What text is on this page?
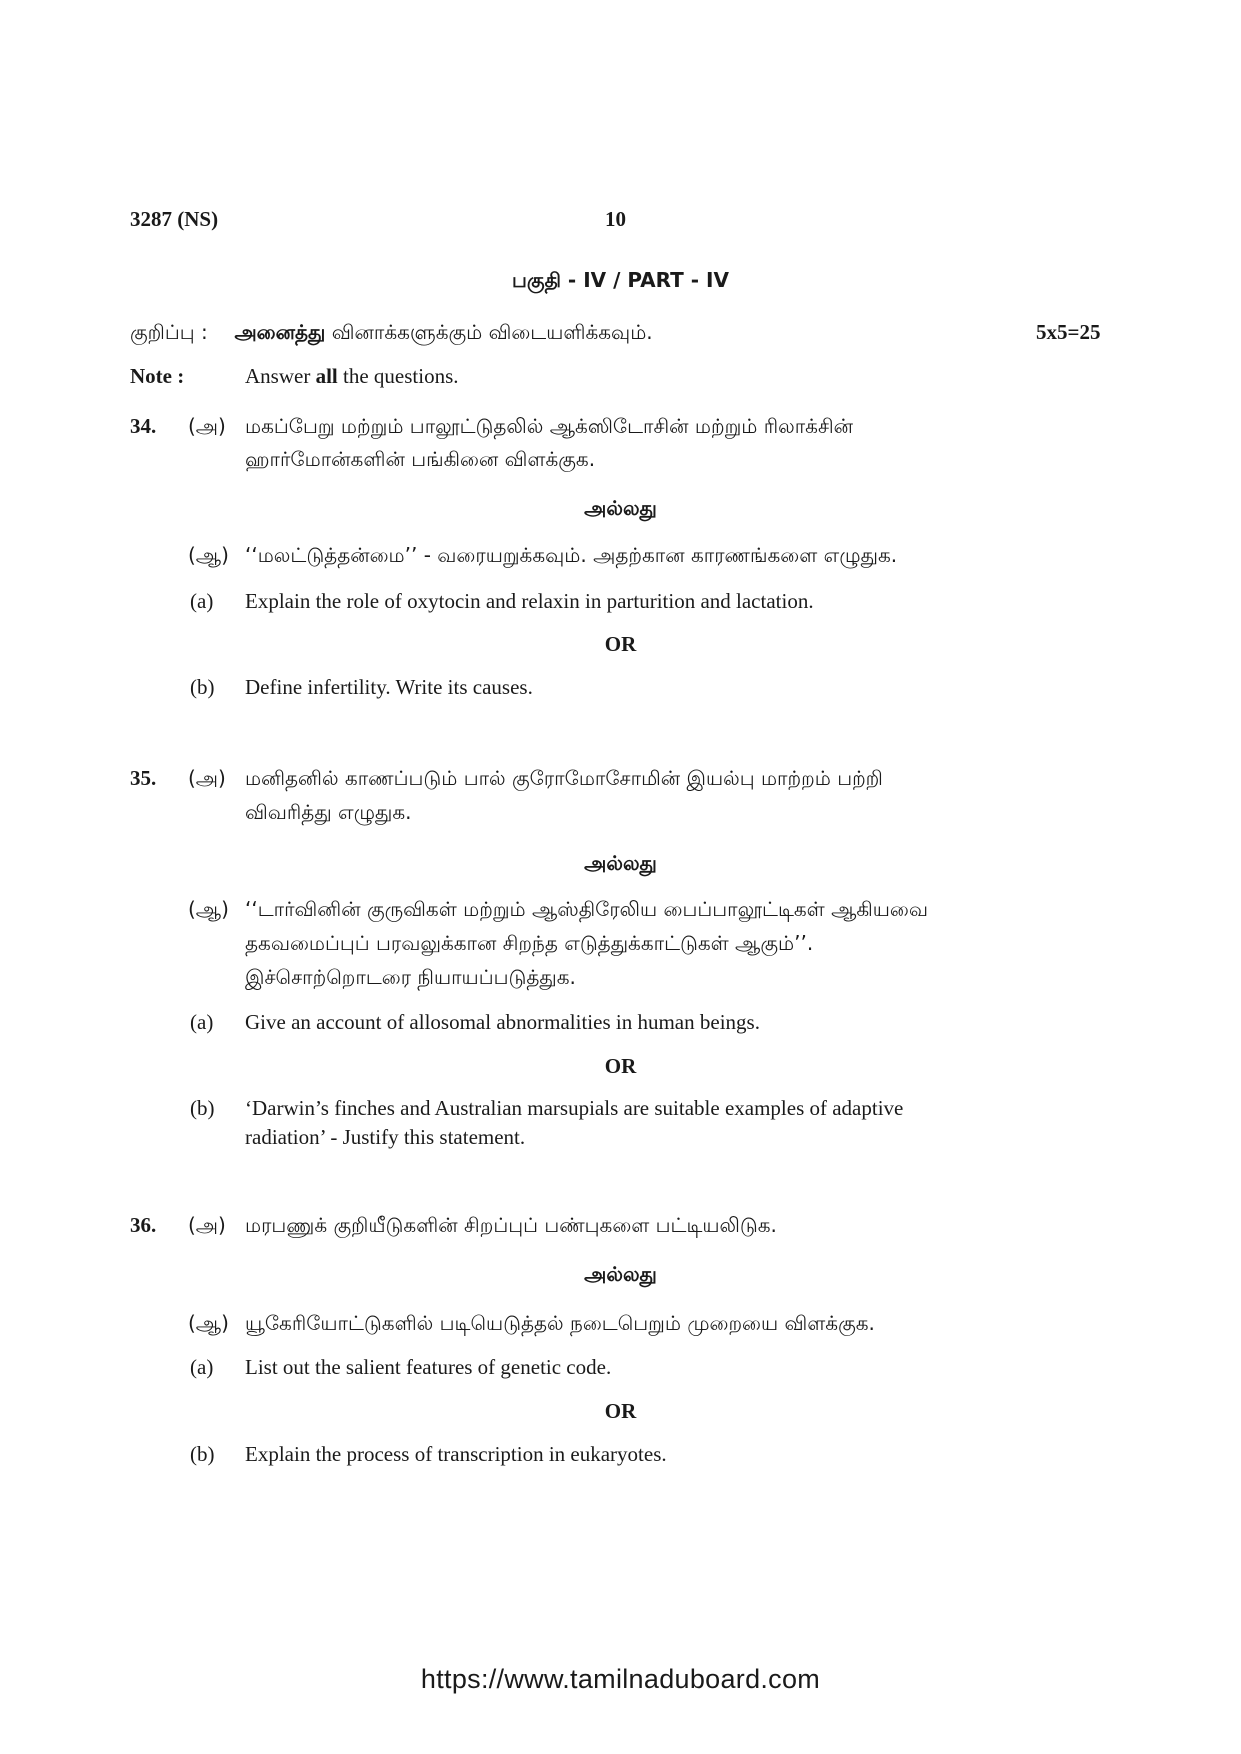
3287 (NS)	10
பகுதி - IV / PART - IV
குறிப்பு : அனைத்து வினாக்களுக்கும் விடையளிக்கவும்.	5x5=25
Note :	Answer all the questions.
34. (அ) மகப்பேறு மற்றும் பாலூட்டுதலில் ஆக்ஸிடோசின் மற்றும் ரிலாக்சின்
ஹார்மோன்களின் பங்கினை விளக்குக.
அல்லது
(ஆ) ‘‘மலட்டுத்தன்மை’’ - வரையறுக்கவும். அதற்கான காரணங்களை எழுதுக.
(a) Explain the role of oxytocin and relaxin in parturition and lactation.
OR
(b) Define infertility. Write its causes.
35. (அ) மனிதனில் காணப்படும் பால் குரோமோசோமின் இயல்பு மாற்றம் பற்றி
விவரித்து எழுதுக.
அல்லது
(ஆ) ‘‘டார்வினின் குருவிகள் மற்றும் ஆஸ்திரேலிய பைப்பாலூட்டிகள் ஆகியவை
தகவமைப்புப் பரவலுக்கான சிறந்த எடுத்துக்காட்டுகள் ஆகும்’’.
இச்சொற்றொடரை நியாயப்படுத்துக.
(a) Give an account of allosomal abnormalities in human beings.
OR
(b) ‘Darwin’s finches and Australian marsupials are suitable examples of adaptive
radiation’ - Justify this statement.
36. (அ) மரபணுக் குறியீடுகளின் சிறப்புப் பண்புகளை பட்டியலிடுக.
அல்லது
(ஆ) யூகேரியோட்டுகளில் படியெடுத்தல் நடைபெறும் முறையை விளக்குக.
(a) List out the salient features of genetic code.
OR
(b) Explain the process of transcription in eukaryotes.
https://www.tamilnaduboard.com
